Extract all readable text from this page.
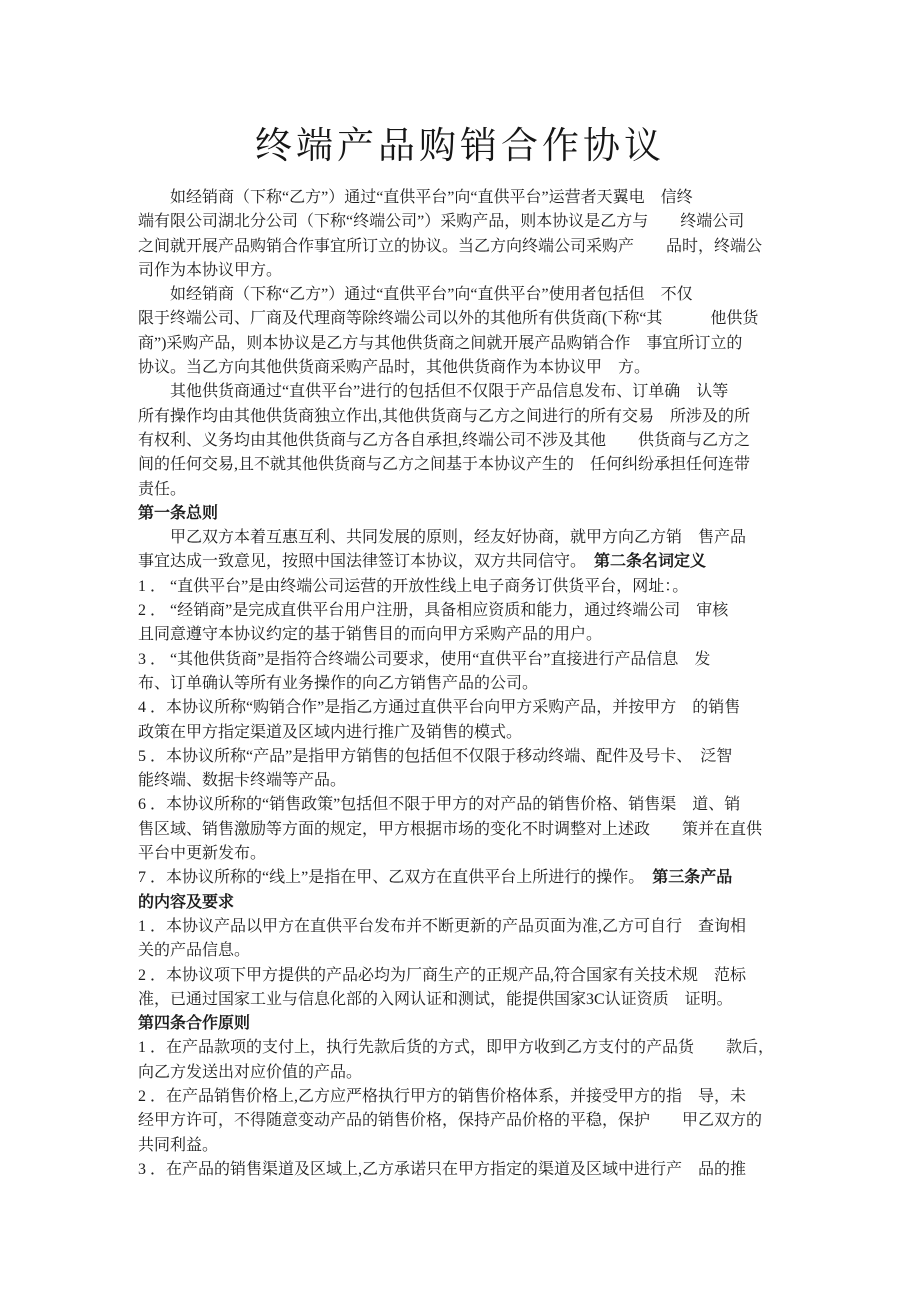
终端产品购销合作协议
如经销商（下称“乙方”）通过“直供平台”向“直供平台”运营者天翼电　信终
端有限公司湖北分公司（下称“终端公司”）采购产品，则本协议是乙方与　　终端公司
之间就开展产品购销合作事宜所订立的协议。当乙方向终端公司采购产　　品时，终端公
司作为本协议甲方。
如经销商（下称“乙方”）通过“直供平台”向“直供平台”使用者包括但　不仅
限于终端公司、厂商及代理商等除终端公司以外的其他所有供货商(下称“其　　　他供货
商”)采购产品，则本协议是乙方与其他供货商之间就开展产品购销合作　事宜所订立的
协议。当乙方向其他供货商采购产品时，其他供货商作为本协议甲　方。
其他供货商通过“直供平台”进行的包括但不仅限于产品信息发布、订单确　认等
所有操作均由其他供货商独立作出,其他供货商与乙方之间进行的所有交易　所涉及的所
有权利、义务均由其他供货商与乙方各自承担,终端公司不涉及其他　　供货商与乙方之
间的任何交易,且不就其他供货商与乙方之间基于本协议产生的　任何纠纷承担任何连带
责任。
第一条总则
甲乙双方本着互惠互利、共同发展的原则，经友好协商，就甲方向乙方销　售产品
事宜达成一致意见，按照中国法律签订本协议，双方共同信守。　第二条名词定义
1 ． “直供平台”是由终端公司运营的开放性线上电子商务订供货平台，网址：。
2 ． “经销商”是完成直供平台用户注册，具备相应资质和能力，通过终端公司　审核
且同意遵守本协议约定的基于销售目的而向甲方采购产品的用户。
3 ． “其他供货商”是指符合终端公司要求，使用“直供平台”直接进行产品信息　发
布、订单确认等所有业务操作的向乙方销售产品的公司。
4 ．本协议所称“购销合作”是指乙方通过直供平台向甲方采购产品，并按甲方　的销售
政策在甲方指定渠道及区域内进行推广及销售的模式。
5 ．本协议所称“产品”是指甲方销售的包括但不仅限于移动终端、配件及号卡、　泛智
能终端、数据卡终端等产品。
6 ．本协议所称的“销售政策”包括但不限于甲方的对产品的销售价格、销售渠　道、销
售区域、销售激励等方面的规定，甲方根据市场的变化不时调整对上述政　　策并在直供
平台中更新发布。
7 ．本协议所称的“线上”是指在甲、乙双方在直供平台上所进行的操作。　第三条产品
的内容及要求
1 ．本协议产品以甲方在直供平台发布并不断更新的产品页面为准,乙方可自行　查询相
关的产品信息。
2 ．本协议项下甲方提供的产品必均为厂商生产的正规产品,符合国家有关技术规　范标
准，已通过国家工业与信息化部的入网认证和测试，能提供国家3C认证资质　证明。
第四条合作原则
1 ．在产品款项的支付上，执行先款后货的方式，即甲方收到乙方支付的产品货　　款后，
向乙方发送出对应价值的产品。
2 ．在产品销售价格上,乙方应严格执行甲方的销售价格体系，并接受甲方的指　导，未
经甲方许可，不得随意变动产品的销售价格，保持产品价格的平稳，保护　　甲乙双方的
共同利益。
3 ．在产品的销售渠道及区域上,乙方承诺只在甲方指定的渠道及区域中进行产　品的推
